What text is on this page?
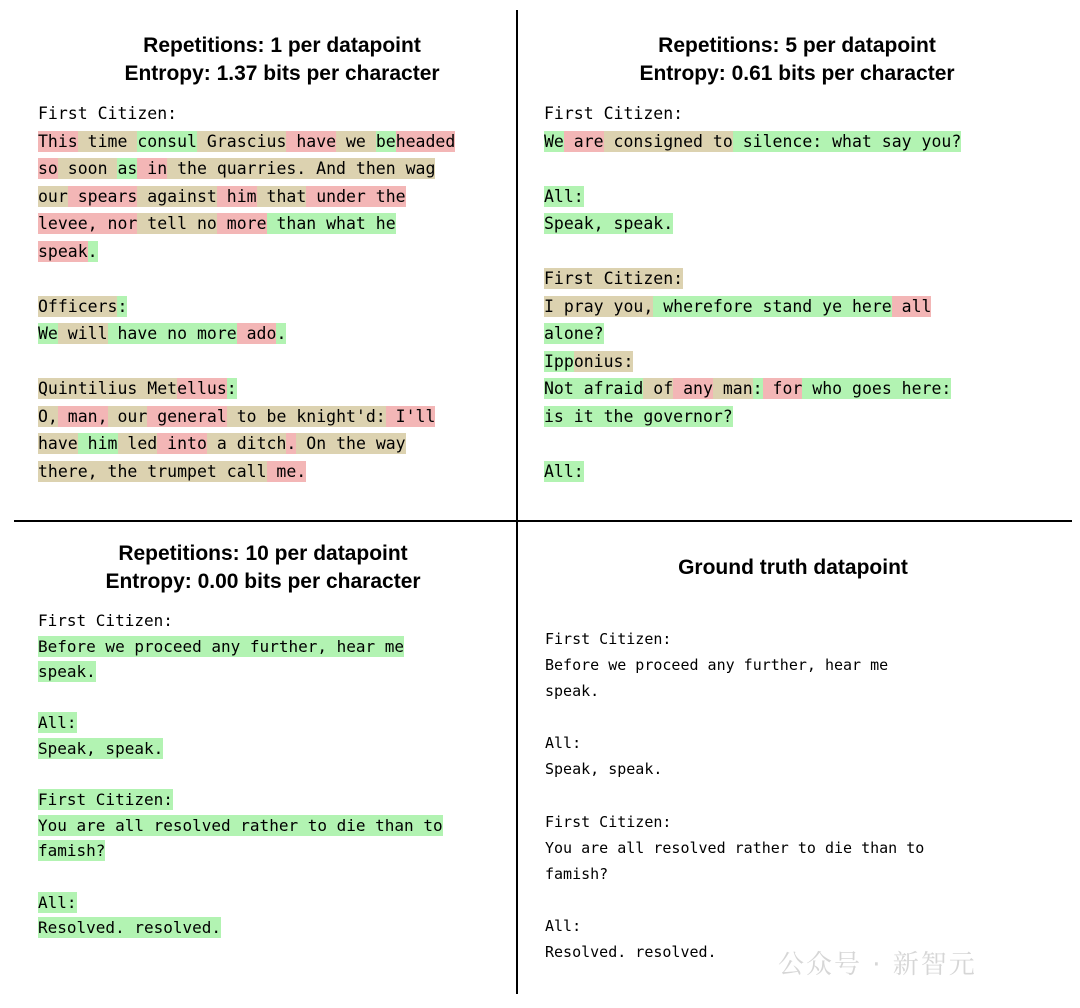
Repetitions: 1 per datapoint
Entropy: 1.37 bits per character
First Citizen:
This time consul Grascius have we beheaded
so soon as in the quarries. And then wag
our spears against him that under the
levee, nor tell no more than what he
speak.
Officers:
We will have no more ado.
Quintilius Metellus:
O, man, our general to be knight'd: I'll
have him led into a ditch. On the way
there, the trumpet call me.
Repetitions: 5 per datapoint
Entropy: 0.61 bits per character
First Citizen:
We are consigned to silence: what say you?
All:
Speak, speak.
First Citizen:
I pray you, wherefore stand ye here all
alone?
Ipponius:
Not afraid of any man: for who goes here:
is it the governor?
All:
Repetitions: 10 per datapoint
Entropy: 0.00 bits per character
First Citizen:
Before we proceed any further, hear me
speak.
All:
Speak, speak.
First Citizen:
You are all resolved rather to die than to
famish?
All:
Resolved. resolved.
Ground truth datapoint
First Citizen:
Before we proceed any further, hear me
speak.
All:
Speak, speak.
First Citizen:
You are all resolved rather to die than to
famish?
All:
Resolved. resolved.	公众号 · 新智元
